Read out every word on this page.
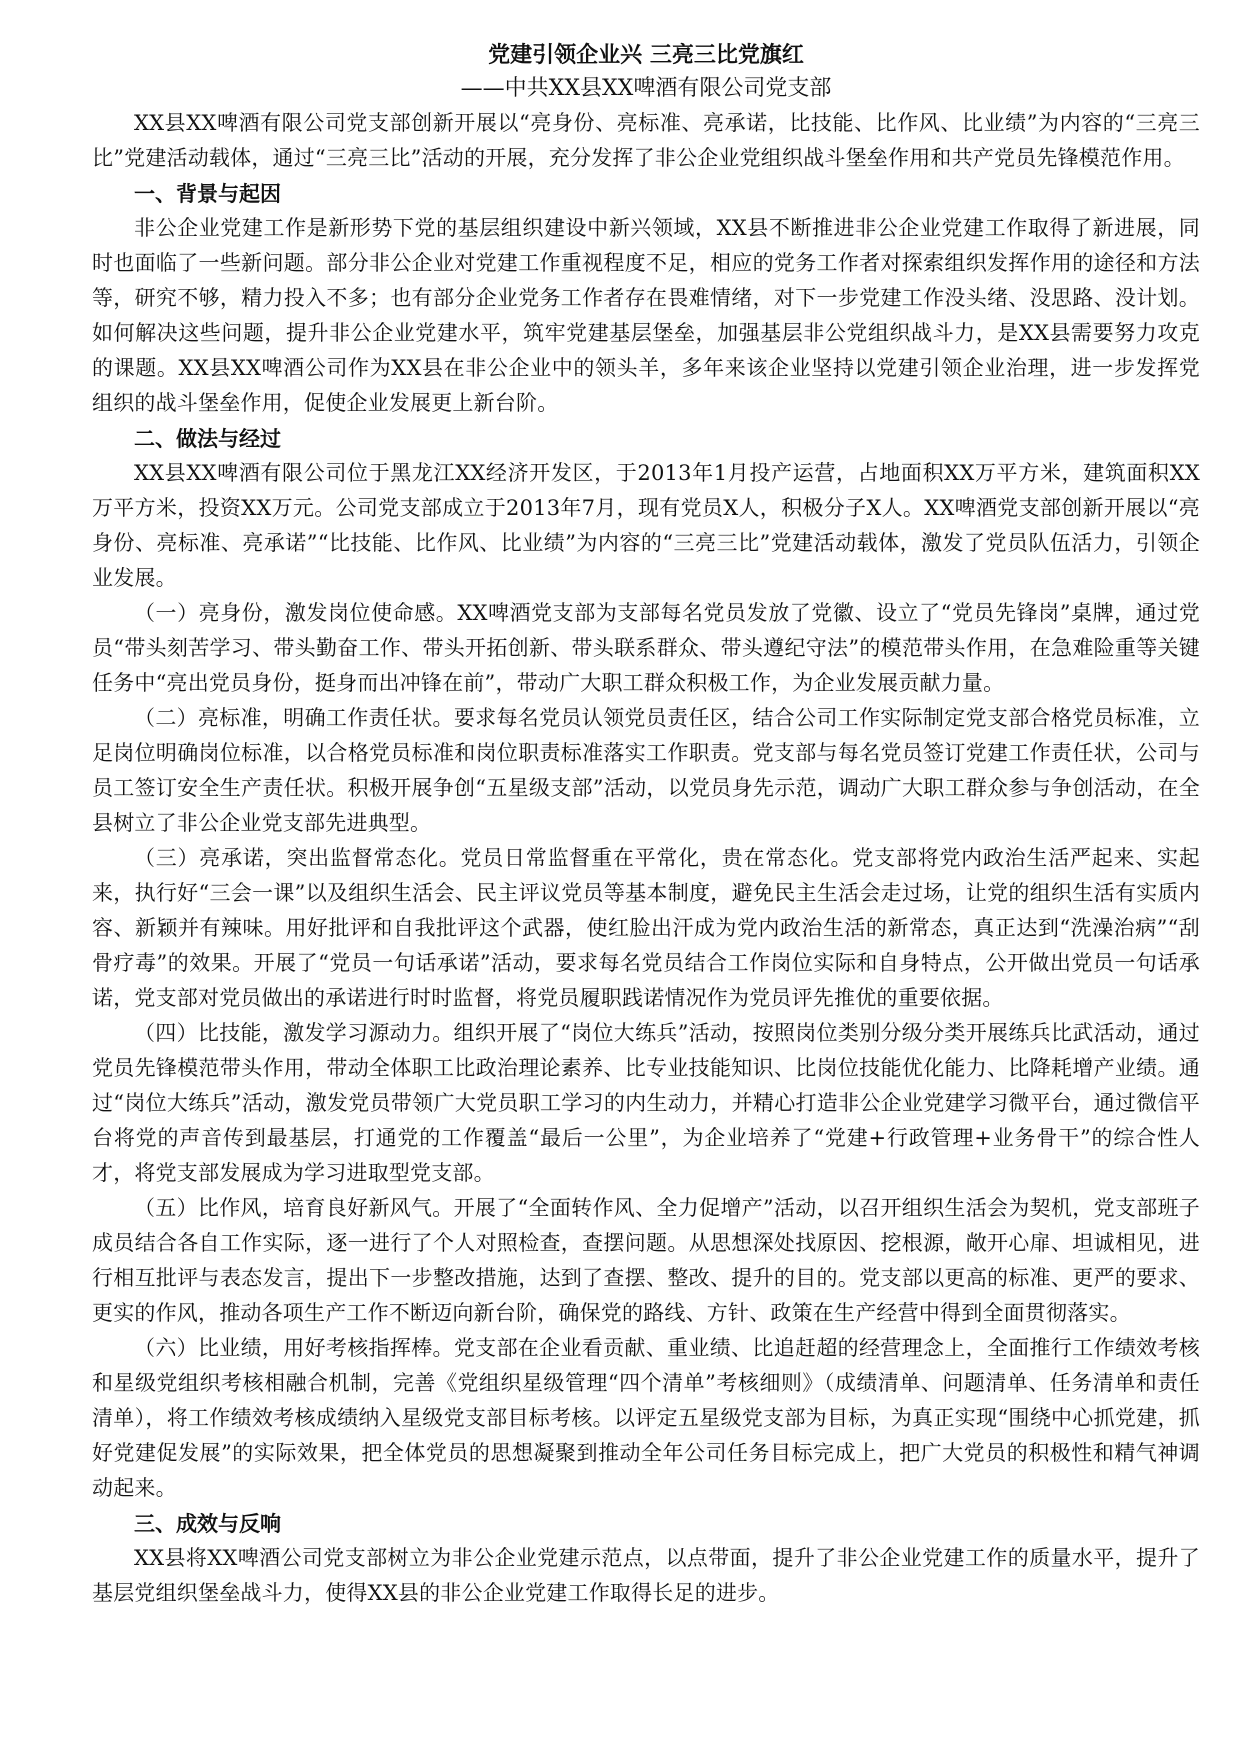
党建引领企业兴 三亮三比党旗红

——中共XX县XX啤酒有限公司党支部

XX县XX啤酒有限公司党支部创新开展以“亮身份、亮标准、亮承诺，比技能、比作风、比业绩”为内容的“三亮三比”党建活动载体，通过“三亮三比”活动的开展，充分发挥了非公企业党组织战斗堡垒作用和共产党员先锋模范作用。

一、背景与起因

非公企业党建工作是新形势下党的基层组织建设中新兴领域，XX县不断推进非公企业党建工作取得了新进展，同时也面临了一些新问题。部分非公企业对党建工作重视程度不足，相应的党务工作者对探索组织发挥作用的途径和方法等，研究不够，精力投入不多；也有部分企业党务工作者存在畏难情绪，对下一步党建工作没头绪、没思路、没计划。如何解决这些问题，提升非公企业党建水平，筑牢党建基层堡垒，加强基层非公党组织战斗力，是XX县需要努力攻克的课题。XX县XX啤酒公司作为XX县在非公企业中的领头羊，多年来该企业坚持以党建引领企业治理，进一步发挥党组织的战斗堡垒作用，促使企业发展更上新台阶。

二、做法与经过

XX县XX啤酒有限公司位于黑龙江XX经济开发区，于2013年1月投产运营，占地面积XX万平方米，建筑面积XX万平方米，投资XX万元。公司党支部成立于2013年7月，现有党员X人，积极分子X人。XX啤酒党支部创新开展以“亮身份、亮标准、亮承诺”“比技能、比作风、比业绩”为内容的“三亮三比”党建活动载体，激发了党员队伍活力，引领企业发展。

（一）亮身份，激发岗位使命感。XX啤酒党支部为支部每名党员发放了党徽、设立了“党员先锋岗”桌牌，通过党员“带头刻苦学习、带头勤奋工作、带头开拓创新、带头联系群众、带头遵纪守法”的模范带头作用，在急难险重等关键任务中“亮出党员身份，挺身而出冲锋在前”，带动广大职工群众积极工作，为企业发展贡献力量。

（二）亮标准，明确工作责任状。要求每名党员认领党员责任区，结合公司工作实际制定党支部合格党员标准，立足岗位明确岗位标准，以合格党员标准和岗位职责标准落实工作职责。党支部与每名党员签订党建工作责任状，公司与员工签订安全生产责任状。积极开展争创“五星级支部”活动，以党员身先示范，调动广大职工群众参与争创活动，在全县树立了非公企业党支部先进典型。

（三）亮承诺，突出监督常态化。党员日常监督重在平常化，贵在常态化。党支部将党内政治生活严起来、实起来，执行好“三会一课”以及组织生活会、民主评议党员等基本制度，避免民主生活会走过场，让党的组织生活有实质内容、新颖并有辣味。用好批评和自我批评这个武器，使红脸出汗成为党内政治生活的新常态，真正达到“洗澡治病”“刮骨疗毒”的效果。开展了“党员一句话承诺”活动，要求每名党员结合工作岗位实际和自身特点，公开做出党员一句话承诺，党支部对党员做出的承诺进行时时监督，将党员履职践诺情况作为党员评先推优的重要依据。

（四）比技能，激发学习源动力。组织开展了“岗位大练兵”活动，按照岗位类别分级分类开展练兵比武活动，通过党员先锋模范带头作用，带动全体职工比政治理论素养、比专业技能知识、比岗位技能优化能力、比降耗增产业绩。通过“岗位大练兵”活动，激发党员带领广大党员职工学习的内生动力，并精心打造非公企业党建学习微平台，通过微信平台将党的声音传到最基层，打通党的工作覆盖“最后一公里”，为企业培养了“党建+行政管理+业务骨干”的综合性人才，将党支部发展成为学习进取型党支部。

（五）比作风，培育良好新风气。开展了“全面转作风、全力促增产”活动，以召开组织生活会为契机，党支部班子成员结合各自工作实际，逐一进行了个人对照检查，查摆问题。从思想深处找原因、挖根源，敞开心扉、坦诚相见，进行相互批评与表态发言，提出下一步整改措施，达到了查摆、整改、提升的目的。党支部以更高的标准、更严的要求、更实的作风，推动各项生产工作不断迈向新台阶，确保党的路线、方针、政策在生产经营中得到全面贯彻落实。

（六）比业绩，用好考核指挥棒。党支部在企业看贡献、重业绩、比追赶超的经营理念上，全面推行工作绩效考核和星级党组织考核相融合机制，完善《党组织星级管理“四个清单”考核细则》（成绩清单、问题清单、任务清单和责任清单），将工作绩效考核成绩纳入星级党支部目标考核。以评定五星级党支部为目标，为真正实现“围绕中心抓党建，抓好党建促发展”的实际效果，把全体党员的思想凝聚到推动全年公司任务目标完成上，把广大党员的积极性和精气神调动起来。

三、成效与反响

XX县将XX啤酒公司党支部树立为非公企业党建示范点，以点带面，提升了非公企业党建工作的质量水平，提升了基层党组织堡垒战斗力，使得XX县的非公企业党建工作取得长足的进步。
